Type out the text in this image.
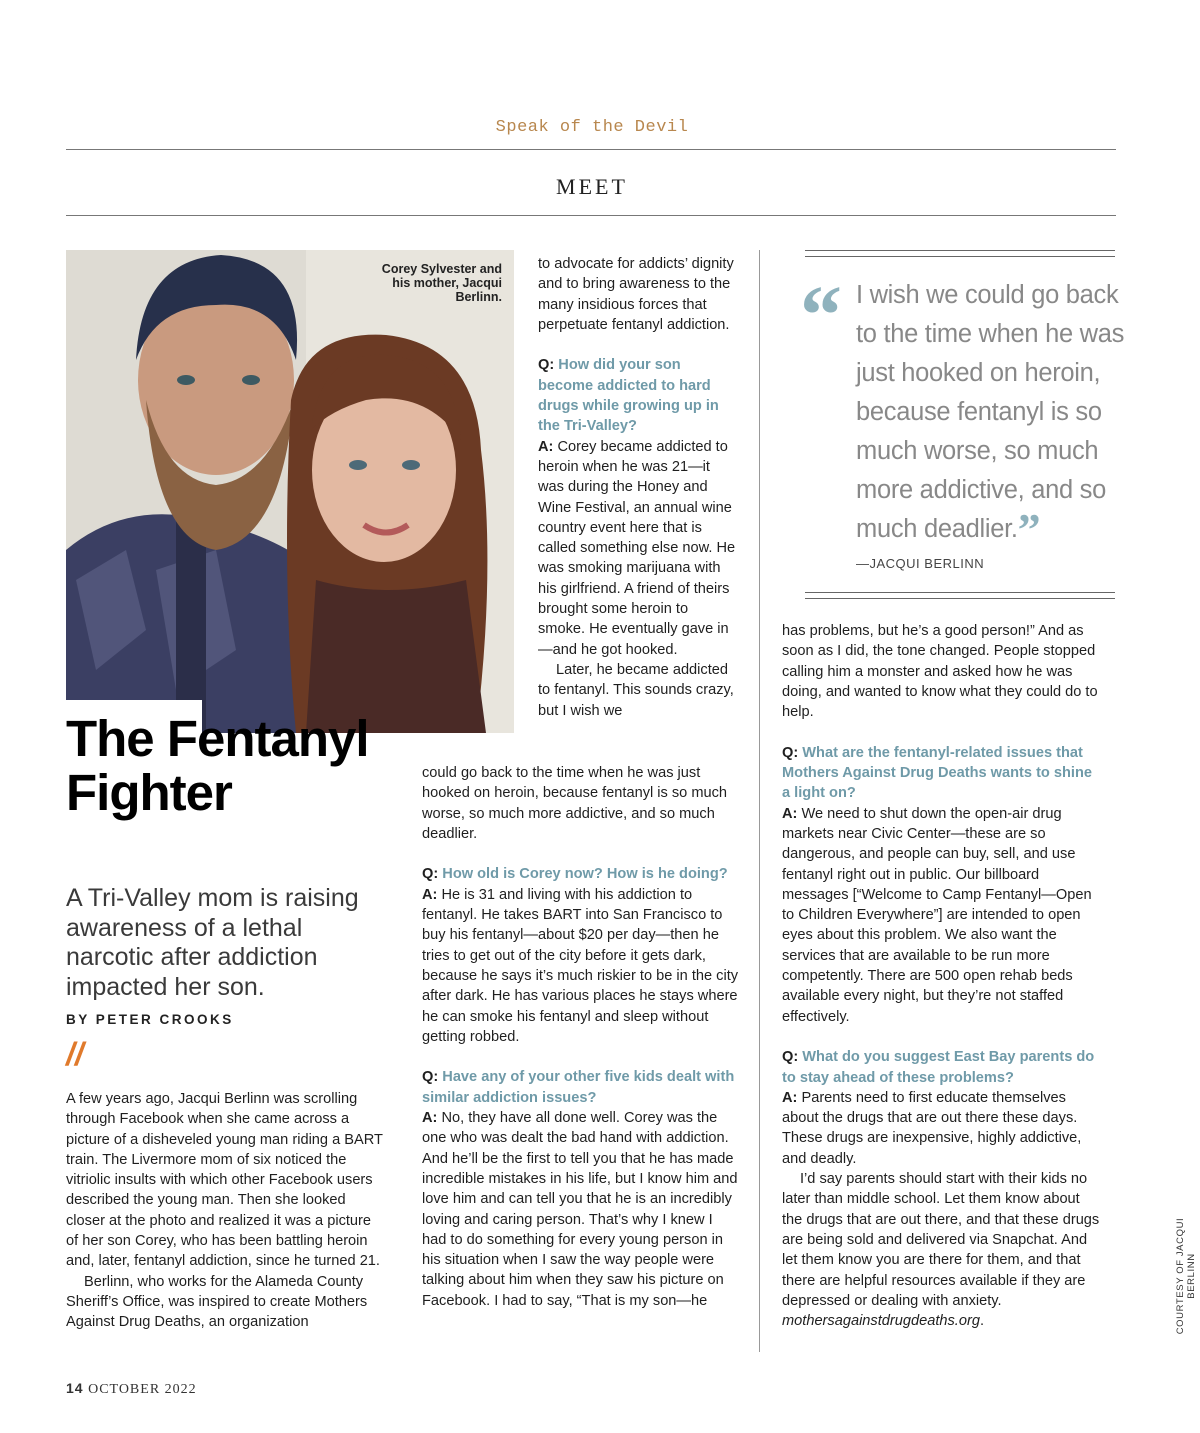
Speak of the Devil
MEET
Corey Sylvester and his mother, Jacqui Berlinn.
The Fentanyl Fighter
A Tri-Valley mom is raising awareness of a lethal narcotic after addiction impacted her son.
BY PETER CROOKS
//

A few years ago, Jacqui Berlinn was scrolling through Facebook when she came across a picture of a disheveled young man riding a BART train. The Livermore mom of six noticed the vitriolic insults with which other Facebook users described the young man. Then she looked closer at the photo and realized it was a picture of her son Corey, who has been battling heroin and, later, fentanyl addiction, since he turned 21.

Berlinn, who works for the Alameda County Sheriff’s Office, was inspired to create Mothers Against Drug Deaths, an organization

to advocate for addicts’ dignity and to bring awareness to the many insidious forces that perpetuate fentanyl addiction.

Q: How did your son become addicted to hard drugs while growing up in the Tri-Valley?

A: Corey became addicted to heroin when he was 21—it was during the Honey and Wine Festival, an annual wine country event here that is called something else now. He was smoking marijuana with his girlfriend. A friend of theirs brought some heroin to smoke. He eventually gave in—and he got hooked.

Later, he became addicted to fentanyl. This sounds crazy, but I wish we

could go back to the time when he was just hooked on heroin, because fentanyl is so much worse, so much more addictive, and so much deadlier.

Q: How old is Corey now? How is he doing?

A: He is 31 and living with his addiction to fentanyl. He takes BART into San Francisco to buy his fentanyl—about $20 per day—then he tries to get out of the city before it gets dark, because he says it’s much riskier to be in the city after dark. He has various places he stays where he can smoke his fentanyl and sleep without getting robbed.

Q: Have any of your other five kids dealt with similar addiction issues?

A: No, they have all done well. Corey was the one who was dealt the bad hand with addiction. And he’ll be the first to tell you that he has made incredible mistakes in his life, but I know him and love him and can tell you that he is an incredibly loving and caring person. That’s why I knew I had to do something for every young person in his situation when I saw the way people were talking about him when they saw his picture on Facebook. I had to say, “That is my son—he

“ I wish we could go back to the time when he was just hooked on heroin, because fentanyl is so much worse, so much more addictive, and so much deadlier.”
—JACQUI BERLINN

has problems, but he’s a good person!” And as soon as I did, the tone changed. People stopped calling him a monster and asked how he was doing, and wanted to know what they could do to help.

Q: What are the fentanyl-related issues that Mothers Against Drug Deaths wants to shine a light on?

A: We need to shut down the open-air drug markets near Civic Center—these are so dangerous, and people can buy, sell, and use fentanyl right out in public. Our billboard messages [“Welcome to Camp Fentanyl—Open to Children Everywhere”] are intended to open eyes about this problem. We also want the services that are available to be run more competently. There are 500 open rehab beds available every night, but they’re not staffed effectively.

Q: What do you suggest East Bay parents do to stay ahead of these problems?

A: Parents need to first educate themselves about the drugs that are out there these days. These drugs are inexpensive, highly addictive, and deadly.

I’d say parents should start with their kids no later than middle school. Let them know about the drugs that are out there, and that these drugs are being sold and delivered via Snapchat. And let them know you are there for them, and that there are helpful resources available if they are depressed or dealing with anxiety. mothersagainstdrugdeaths.org.	COURTESY OF JACQUI BERLINN
14 OCTOBER 2022
